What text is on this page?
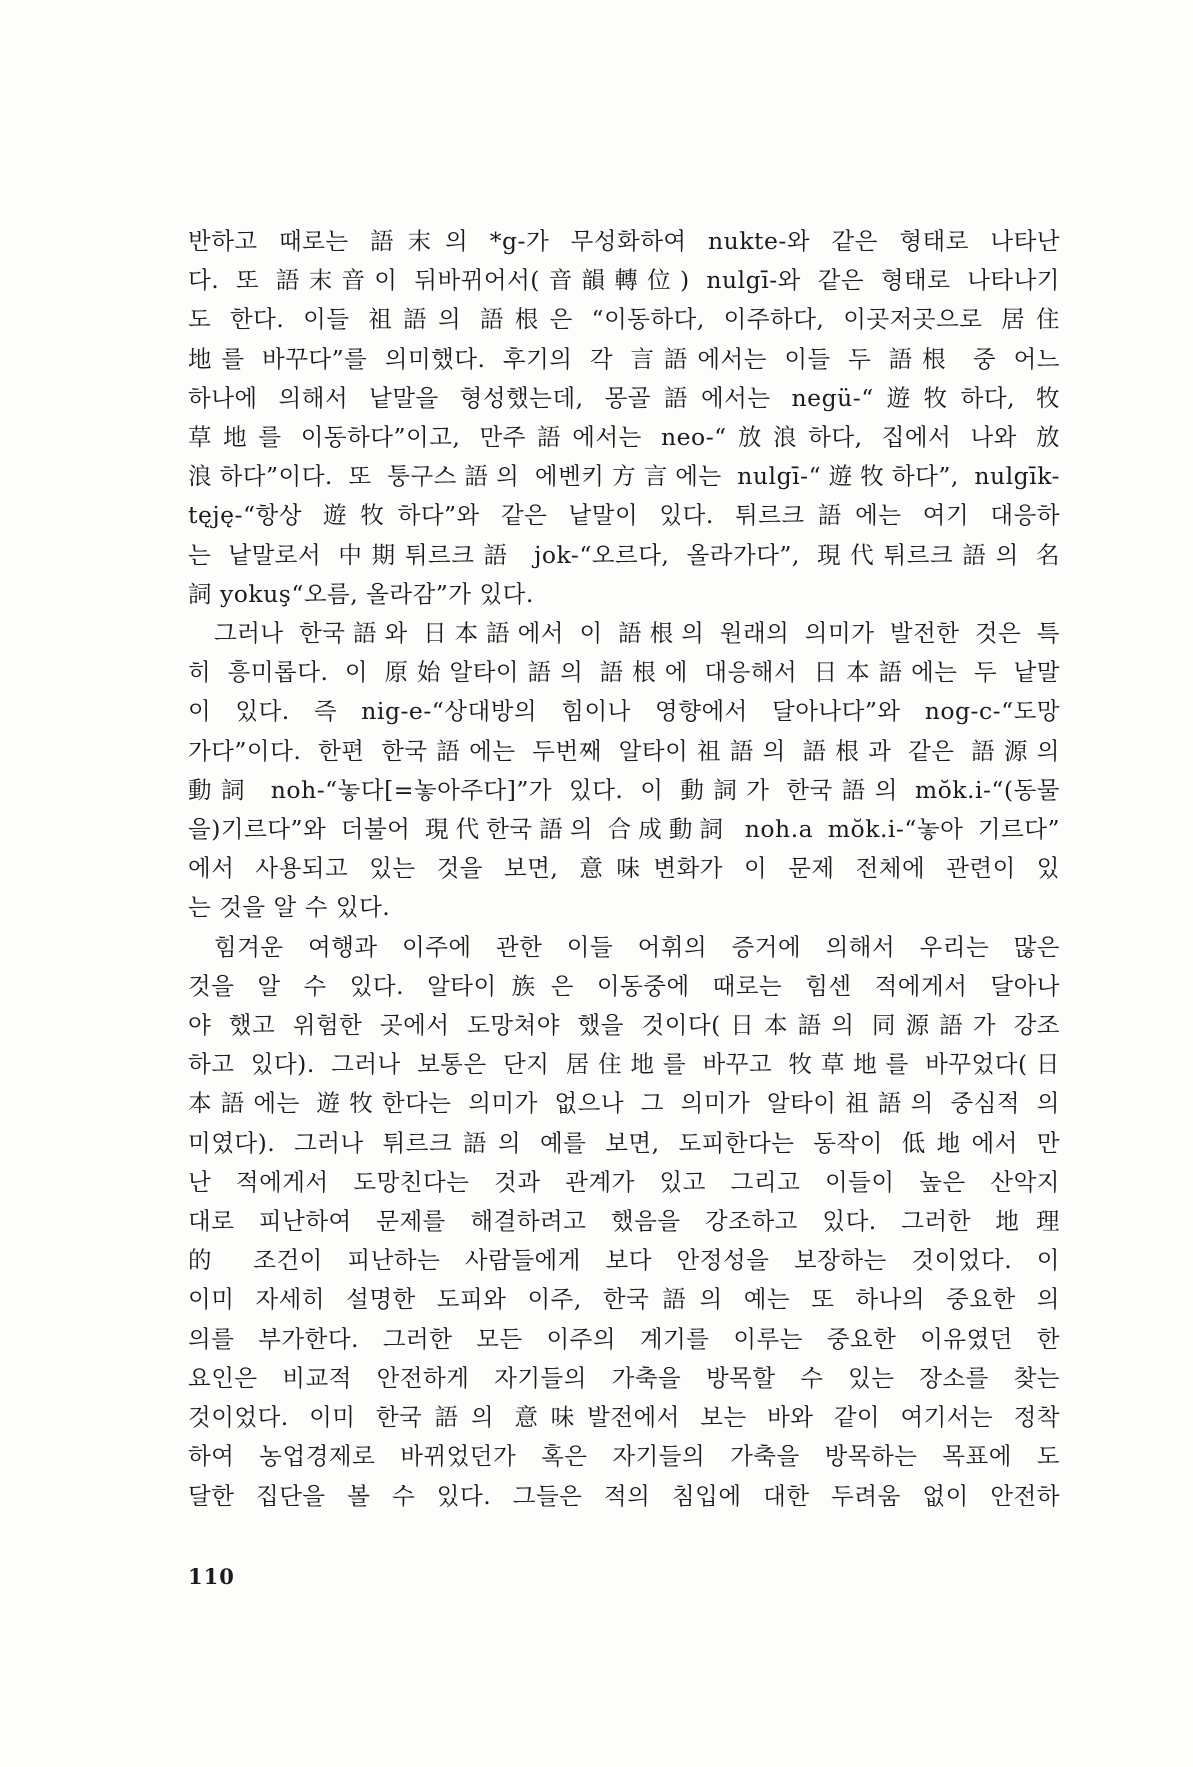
반하고 때로는 語末의 *g-가 무성화하여 nukte-와 같은 형태로 나타난

다. 또 語末音이 뒤바뀌어서(音韻轉位) nulgī-와 같은 형태로 나타나기

도 한다. 이들 祖語의 語根은 “이동하다, 이주하다, 이곳저곳으로 居住

地를 바꾸다”를 의미했다. 후기의 각 言語에서는 이들 두 語根 중 어느

하나에 의해서 낱말을 형성했는데, 몽골語에서는 negü-“遊牧하다, 牧

草地를 이동하다”이고, 만주語에서는 neo-“放浪하다, 집에서 나와 放

浪하다”이다. 또 퉁구스語의 에벤키方言에는 nulgī-“遊牧하다”, nulgīk-

tęję-“항상 遊牧하다”와 같은 낱말이 있다. 튀르크語에는 여기 대응하

는 낱말로서 中期튀르크語 jok-“오르다, 올라가다”, 現代튀르크語의 名

詞 yokuş“오름, 올라감”가 있다.

그러나 한국語와 日本語에서 이 語根의 원래의 의미가 발전한 것은 특

히 흥미롭다. 이 原始알타이語의 語根에 대응해서 日本語에는 두 낱말

이 있다. 즉 nig-e-“상대방의 힘이나 영향에서 달아나다”와 nog-c-“도망

가다”이다. 한편 한국語에는 두번째 알타이祖語의 語根과 같은 語源의

動詞 noh-“놓다[=놓아주다]”가 있다. 이 動詞가 한국語의 mŏk.i-“(동물

을)기르다”와 더불어 現代한국語의 合成動詞 noh.a mŏk.i-“놓아 기르다”

에서 사용되고 있는 것을 보면, 意味변화가 이 문제 전체에 관련이 있

는 것을 알 수 있다.

힘겨운 여행과 이주에 관한 이들 어휘의 증거에 의해서 우리는 많은

것을 알 수 있다. 알타이族은 이동중에 때로는 힘센 적에게서 달아나

야 했고 위험한 곳에서 도망쳐야 했을 것이다(日本語의 同源語가 강조

하고 있다). 그러나 보통은 단지 居住地를 바꾸고 牧草地를 바꾸었다(日

本語에는 遊牧한다는 의미가 없으나 그 의미가 알타이祖語의 중심적 의

미였다). 그러나 튀르크語의 예를 보면, 도피한다는 동작이 低地에서 만

난 적에게서 도망친다는 것과 관계가 있고 그리고 이들이 높은 산악지

대로 피난하여 문제를 해결하려고 했음을 강조하고 있다. 그러한 地理

的 조건이 피난하는 사람들에게 보다 안정성을 보장하는 것이었다. 이

이미 자세히 설명한 도피와 이주, 한국語의 예는 또 하나의 중요한 의

의를 부가한다. 그러한 모든 이주의 계기를 이루는 중요한 이유였던 한

요인은 비교적 안전하게 자기들의 가축을 방목할 수 있는 장소를 찾는

것이었다. 이미 한국語의 意味발전에서 보는 바와 같이 여기서는 정착

하여 농업경제로 바뀌었던가 혹은 자기들의 가축을 방목하는 목표에 도

달한 집단을 볼 수 있다. 그들은 적의 침입에 대한 두려움 없이 안전하

110
